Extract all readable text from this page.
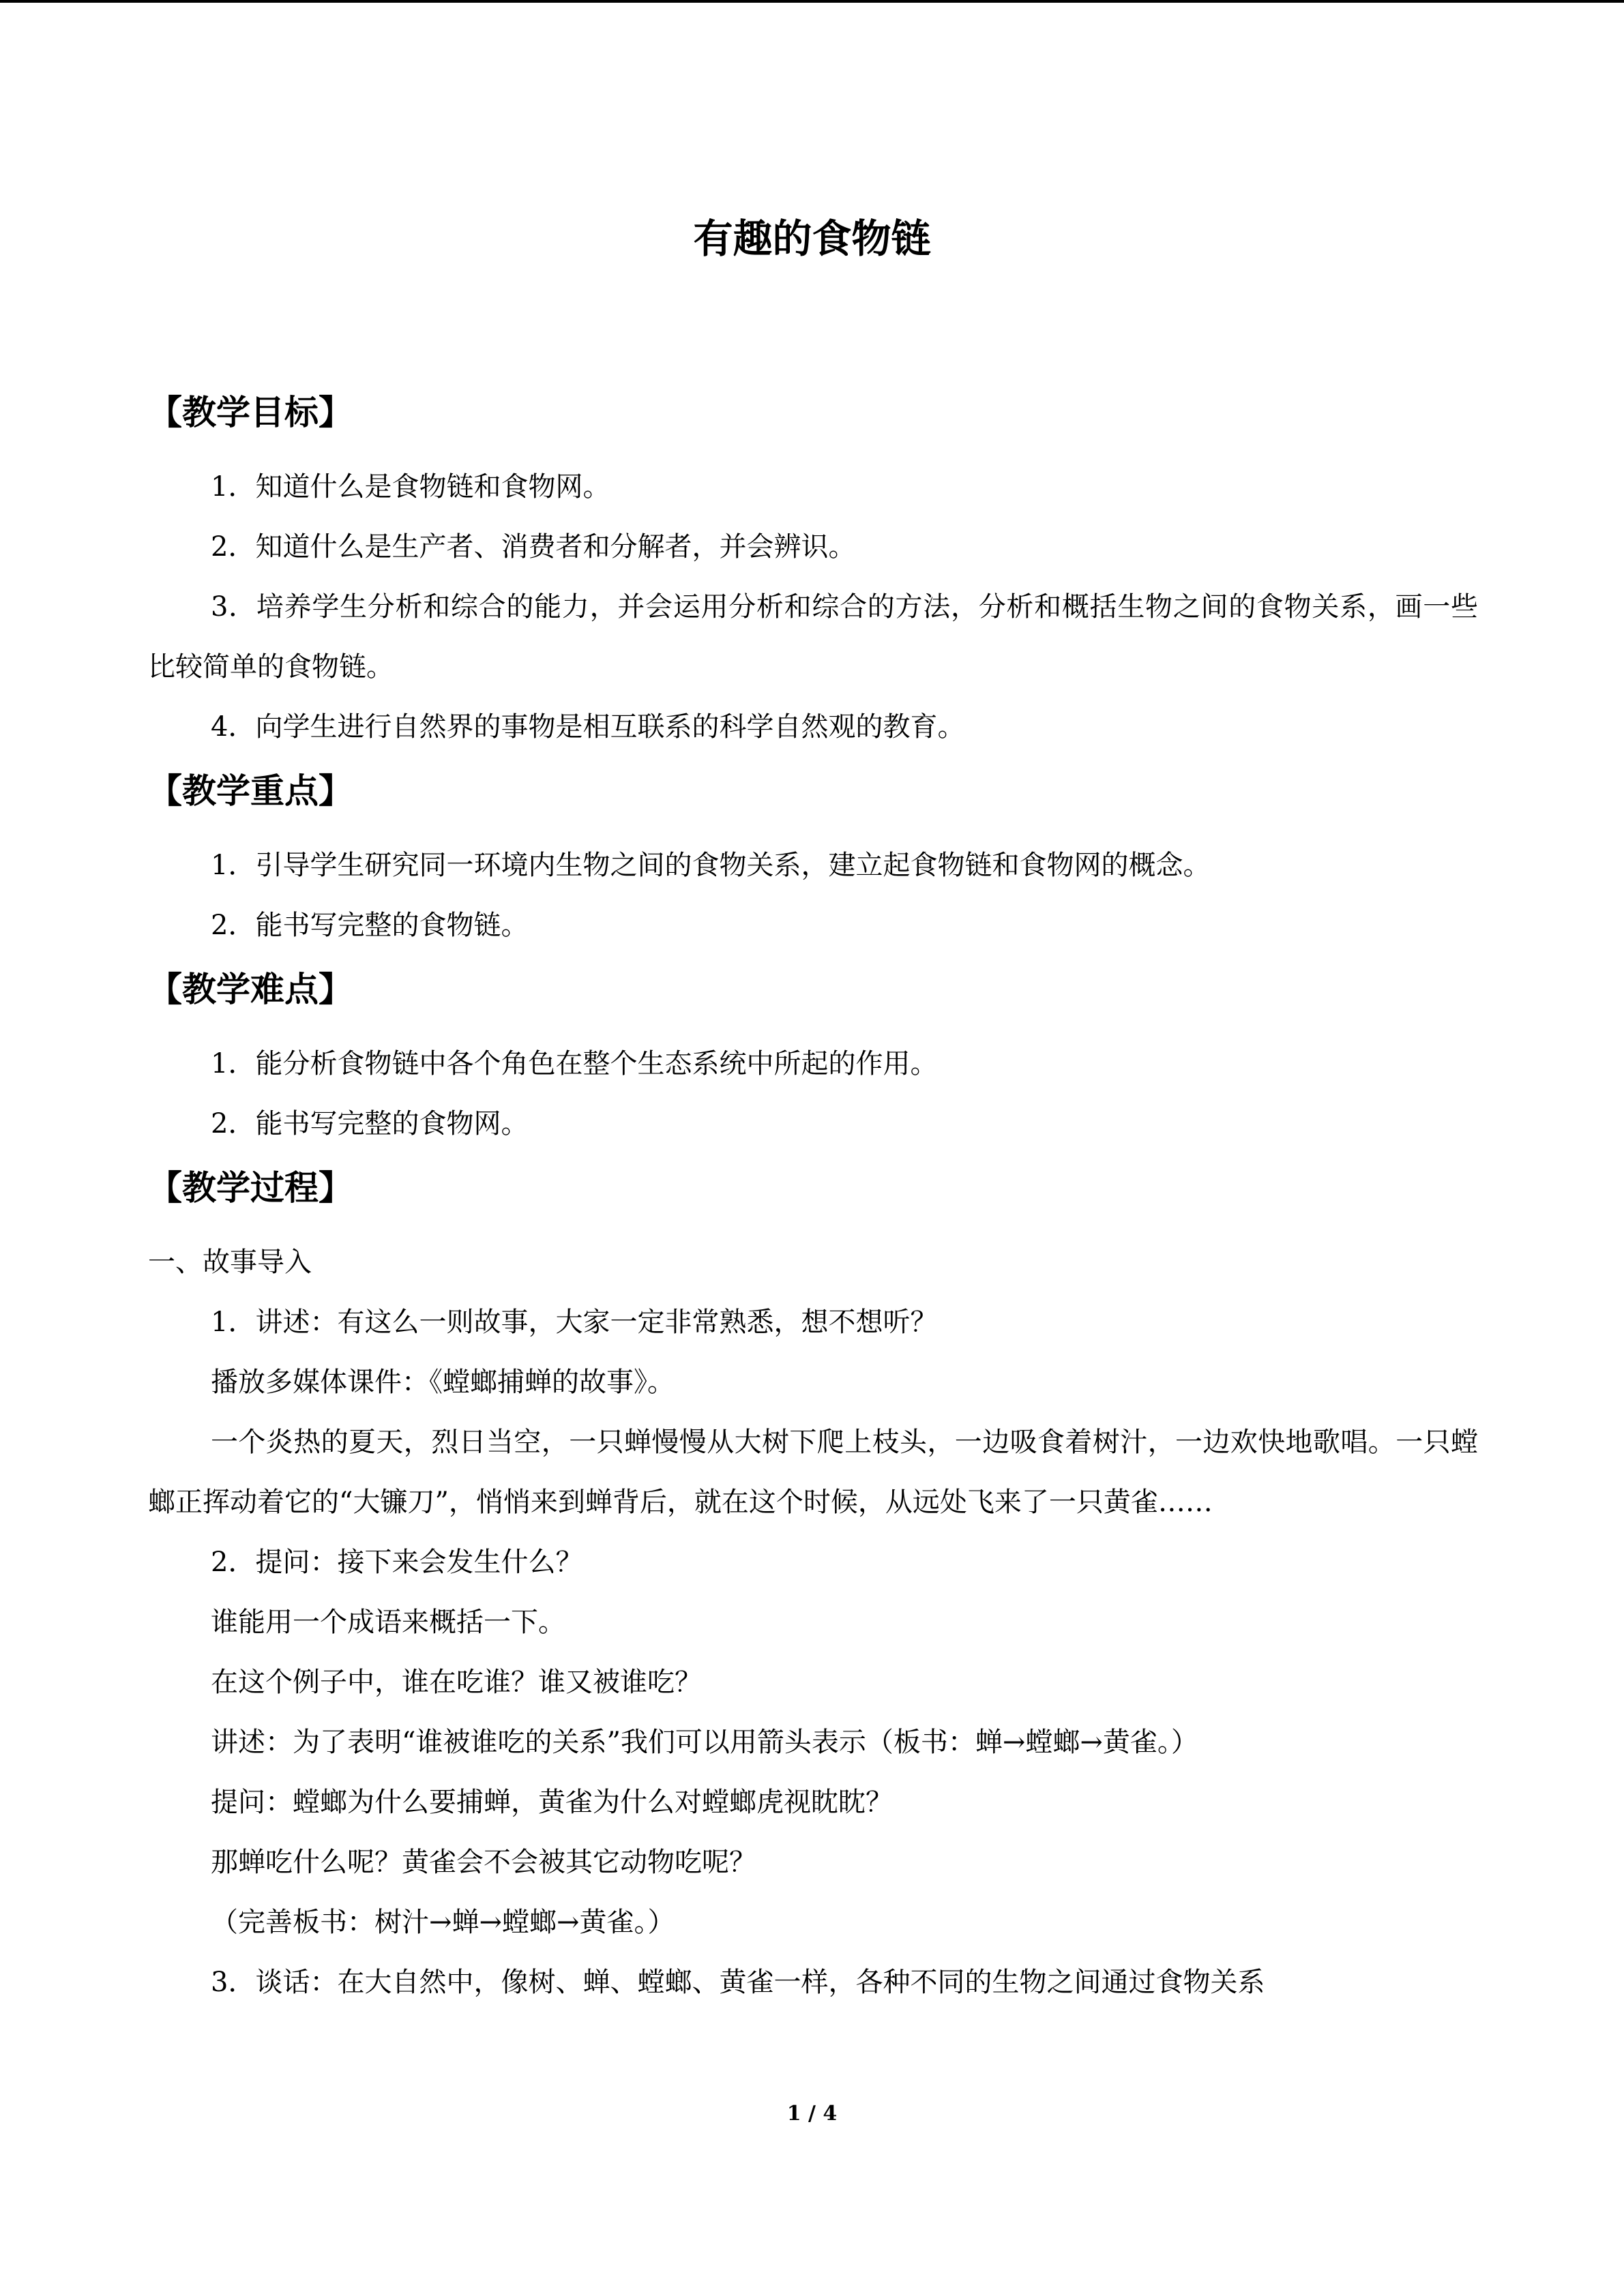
有趣的食物链
【教学目标】

1．知道什么是食物链和食物网。

2．知道什么是生产者、消费者和分解者，并会辨识。

3．培养学生分析和综合的能力，并会运用分析和综合的方法，分析和概括生物之间的食物关系，画一些比较简单的食物链。

4．向学生进行自然界的事物是相互联系的科学自然观的教育。

【教学重点】

1．引导学生研究同一环境内生物之间的食物关系，建立起食物链和食物网的概念。

2．能书写完整的食物链。

【教学难点】

1．能分析食物链中各个角色在整个生态系统中所起的作用。

2．能书写完整的食物网。

【教学过程】

一、故事导入

1．讲述：有这么一则故事，大家一定非常熟悉，想不想听？

播放多媒体课件：《螳螂捕蝉的故事》。

一个炎热的夏天，烈日当空，一只蝉慢慢从大树下爬上枝头，一边吸食着树汁，一边欢快地歌唱。一只螳螂正挥动着它的“大镰刀”，悄悄来到蝉背后，就在这个时候，从远处飞来了一只黄雀……

2．提问：接下来会发生什么？

谁能用一个成语来概括一下。

在这个例子中，谁在吃谁？谁又被谁吃？

讲述：为了表明“谁被谁吃的关系”我们可以用箭头表示（板书：蝉→螳螂→黄雀。）

提问：螳螂为什么要捕蝉，黄雀为什么对螳螂虎视眈眈？

那蝉吃什么呢？黄雀会不会被其它动物吃呢？

（完善板书：树汁→蝉→螳螂→黄雀。）

3．谈话：在大自然中，像树、蝉、螳螂、黄雀一样，各种不同的生物之间通过食物关系

1 / 4
